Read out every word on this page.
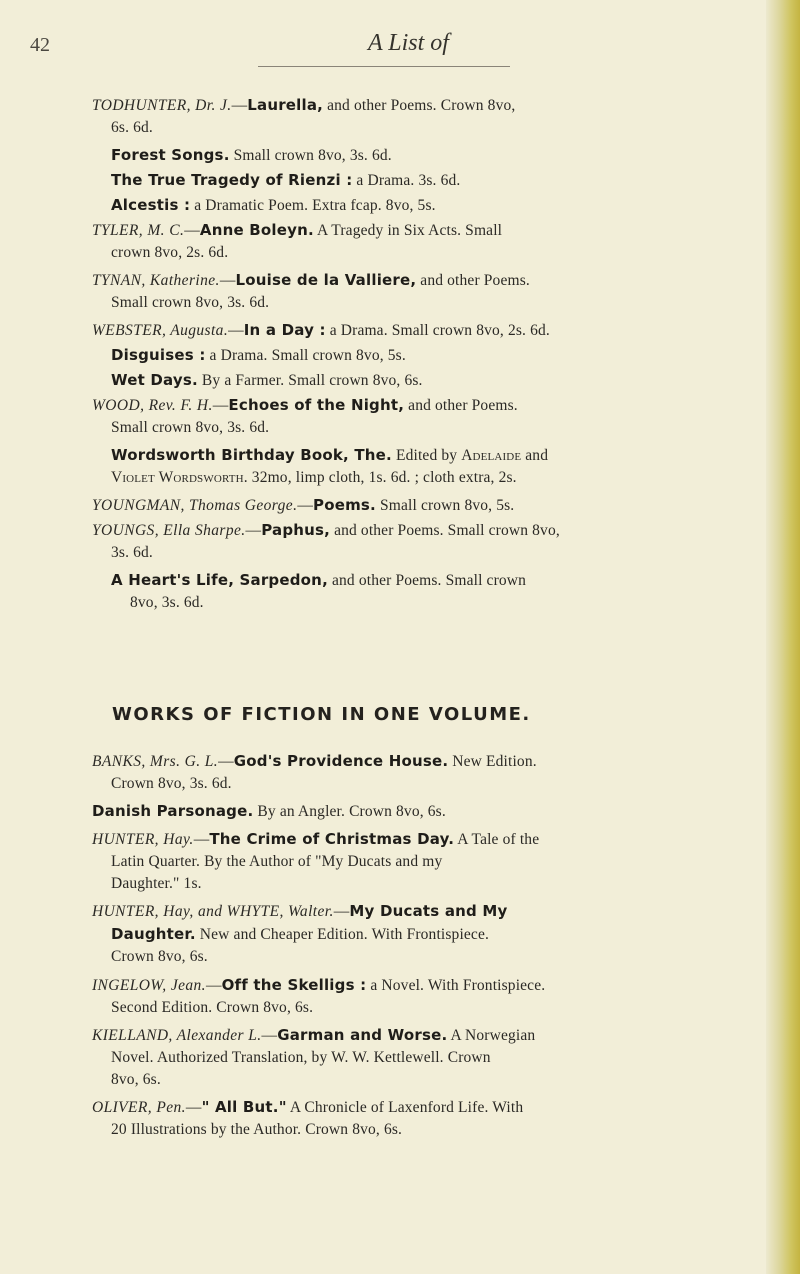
42	A List of
TODHUNTER, Dr. J.—Laurella, and other Poems. Crown 8vo,
6s. 6d.
Forest Songs. Small crown 8vo, 3s. 6d.
The True Tragedy of Rienzi : a Drama. 3s. 6d.
Alcestis : a Dramatic Poem. Extra fcap. 8vo, 5s.
TYLER, M. C.—Anne Boleyn. A Tragedy in Six Acts. Small
crown 8vo, 2s. 6d.
TYNAN, Katherine.—Louise de la Valliere, and other Poems.
Small crown 8vo, 3s. 6d.
WEBSTER, Augusta.—In a Day : a Drama. Small crown 8vo, 2s. 6d.
Disguises : a Drama. Small crown 8vo, 5s.
Wet Days. By a Farmer. Small crown 8vo, 6s.
WOOD, Rev. F. H.—Echoes of the Night, and other Poems.
Small crown 8vo, 3s. 6d.
Wordsworth Birthday Book, The. Edited by Adelaide and
Violet Wordsworth. 32mo, limp cloth, 1s. 6d. ; cloth extra, 2s.
YOUNGMAN, Thomas George.—Poems. Small crown 8vo, 5s.
YOUNGS, Ella Sharpe.—Paphus, and other Poems. Small crown 8vo,
3s. 6d.
A Heart's Life, Sarpedon, and other Poems. Small crown
8vo, 3s. 6d.
WORKS OF FICTION IN ONE VOLUME.
BANKS, Mrs. G. L.—God's Providence House. New Edition.
Crown 8vo, 3s. 6d.
Danish Parsonage. By an Angler. Crown 8vo, 6s.
HUNTER, Hay.—The Crime of Christmas Day. A Tale of the
Latin Quarter. By the Author of "My Ducats and my
Daughter." 1s.
HUNTER, Hay, and WHYTE, Walter.—My Ducats and My
Daughter. New and Cheaper Edition. With Frontispiece.
Crown 8vo, 6s.
INGELOW, Jean.—Off the Skelligs : a Novel. With Frontispiece.
Second Edition. Crown 8vo, 6s.
KIELLAND, Alexander L.—Garman and Worse. A Norwegian
Novel. Authorized Translation, by W. W. Kettlewell. Crown
8vo, 6s.
OLIVER, Pen.—" All But." A Chronicle of Laxenford Life. With
20 Illustrations by the Author. Crown 8vo, 6s.
